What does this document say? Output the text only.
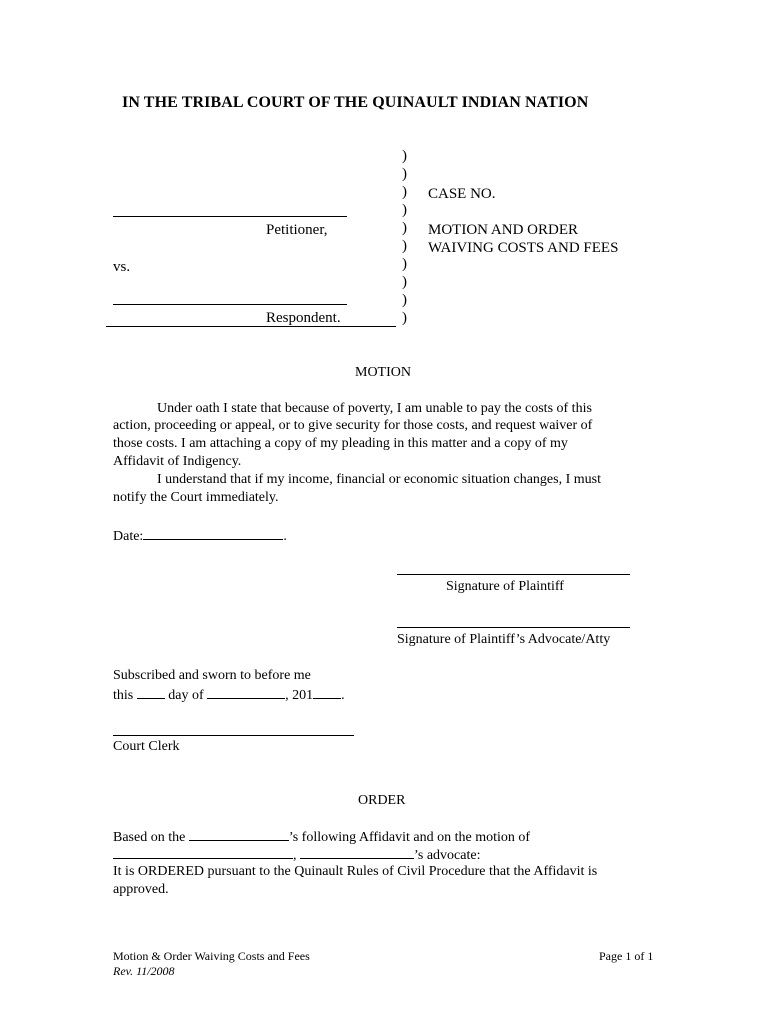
IN THE TRIBAL COURT OF THE QUINAULT INDIAN NATION
)
)
)
)
)
)
)
)
)
)
Petitioner,
vs.
Respondent.
CASE NO.
MOTION AND ORDER
WAIVING COSTS AND FEES
MOTION
Under oath I state that because of poverty, I am unable to pay the costs of this
action, proceeding or appeal, or to give security for those costs, and request waiver of
those costs. I am attaching a copy of my pleading in this matter and a copy of my
Affidavit of Indigency.
I understand that if my income, financial or economic situation changes, I must
notify the Court immediately.
Date:	.
Signature of Plaintiff
Signature of Plaintiff’s Advocate/Atty
Subscribed and sworn to before me
this	day of	, 201 .
Court Clerk
ORDER
Based on the	’s following Affidavit and on the motion of
,	’s advocate:
It is ORDERED pursuant to the Quinault Rules of Civil Procedure that the Affidavit is
approved.
Motion & Order Waiving Costs and Fees
Rev. 11/2008
Page 1 of 1
